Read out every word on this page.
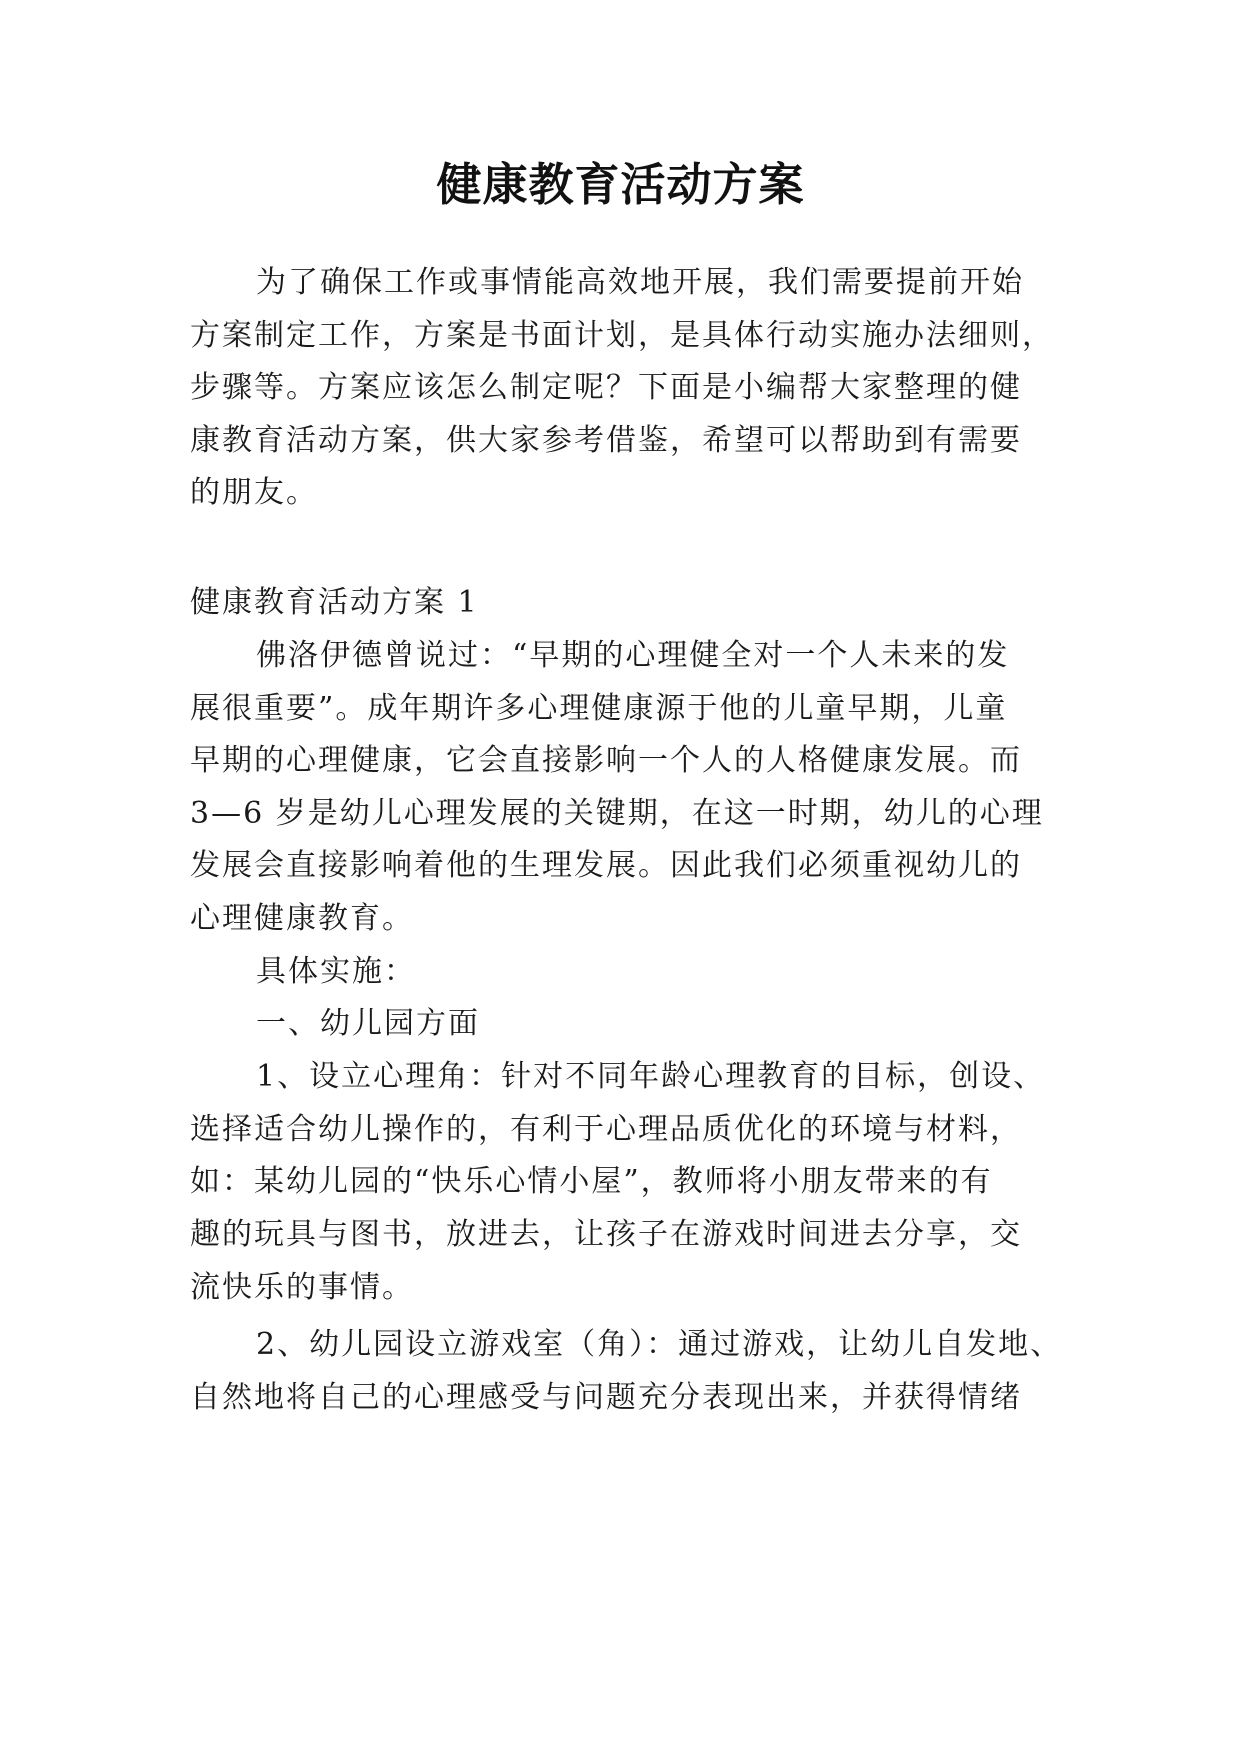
健康教育活动方案
为了确保工作或事情能高效地开展，我们需要提前开始
方案制定工作，方案是书面计划，是具体行动实施办法细则，
步骤等。方案应该怎么制定呢？下面是小编帮大家整理的健
康教育活动方案，供大家参考借鉴，希望可以帮助到有需要
的朋友。
健康教育活动方案 1
佛洛伊德曾说过：“早期的心理健全对一个人未来的发
展很重要”。成年期许多心理健康源于他的儿童早期，儿童
早期的心理健康，它会直接影响一个人的人格健康发展。而
3—6 岁是幼儿心理发展的关键期，在这一时期，幼儿的心理
发展会直接影响着他的生理发展。因此我们必须重视幼儿的
心理健康教育。
具体实施：
一、幼儿园方面
1、设立心理角：针对不同年龄心理教育的目标，创设、
选择适合幼儿操作的，有利于心理品质优化的环境与材料，
如：某幼儿园的“快乐心情小屋”，教师将小朋友带来的有
趣的玩具与图书，放进去，让孩子在游戏时间进去分享，交
流快乐的事情。
2、幼儿园设立游戏室（角）：通过游戏，让幼儿自发地、
自然地将自己的心理感受与问题充分表现出来，并获得情绪
